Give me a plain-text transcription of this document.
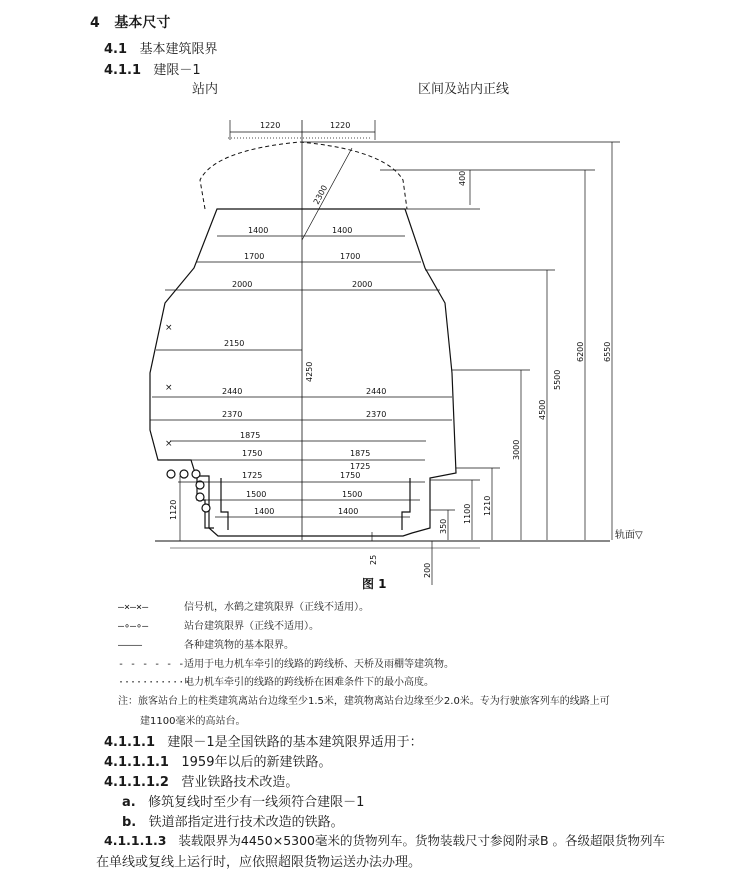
4 基本尺寸
4.1 基本建筑限界
4.1.1 建限－1
站内	区间及站内正线
×
×
×
1220	1220
2300
400
1400	1400
1700	1700
2000	2000
2150
4250
2440	2440
2370	2370
1875
1875
1750
1750
1725
1725
1500	1500
1400	1400
1120
25
200
350
1100 1210
3000
4500
5500
6200 6550
轨面▽
图 1
—×—×—	信号机，水鹤之建筑限界（正线不适用）。
—∘—∘—	站台建筑限界（正线不适用）。
————	各种建筑物的基本限界。
- - - - - -适用于电力机车牵引的线路的跨线桥、天桥及雨棚等建筑物。
············电力机车牵引的线路的跨线桥在困难条件下的最小高度。
注：旅客站台上的柱类建筑离站台边缘至少1.5米，建筑物离站台边缘至少2.0米。专为行驶旅客列车的线路上可
建1100毫米的高站台。
4.1.1.1 建限－1是全国铁路的基本建筑限界适用于：
4.1.1.1.1 1959年以后的新建铁路。
4.1.1.1.2 营业铁路技术改造。
a. 修筑复线时至少有一线须符合建限－1
b. 铁道部指定进行技术改造的铁路。
4.1.1.1.3 装载限界为4450×5300毫米的货物列车。货物装载尺寸参阅附录B 。各级超限货物列车
在单线或复线上运行时，应依照超限货物运送办法办理。
